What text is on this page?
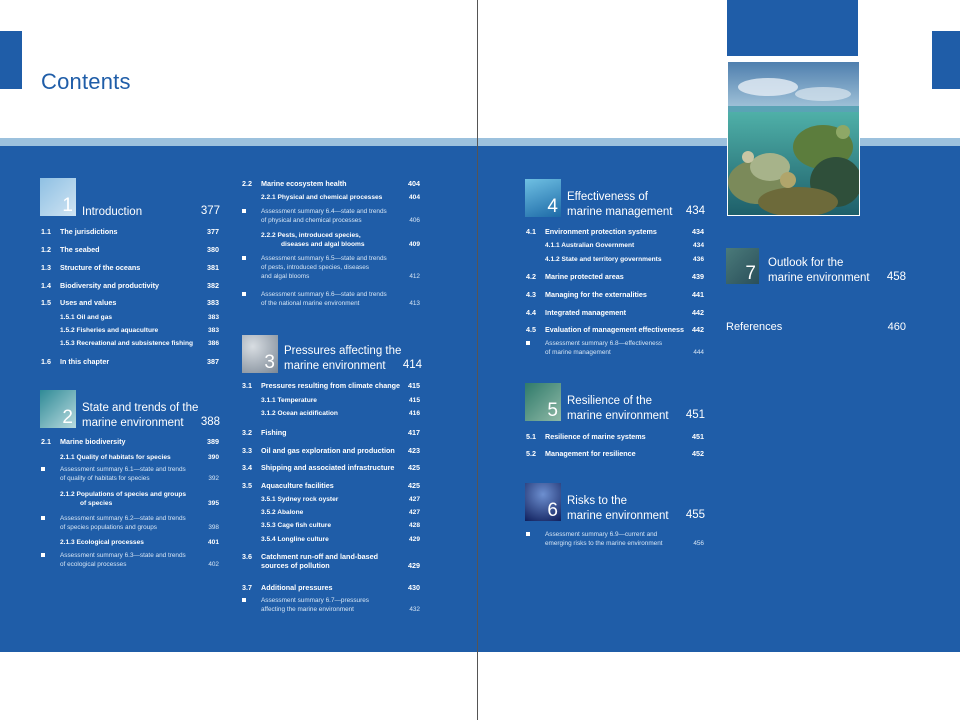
Contents
1 Introduction	377
1.1 The jurisdictions	377
1.2 The seabed	380
1.3 Structure of the oceans	381
1.4 Biodiversity and productivity	382
1.5 Uses and values	383
1.5.1 Oil and gas	383
1.5.2 Fisheries and aquaculture	383
1.5.3 Recreational and subsistence fishing 386
1.6 In this chapter	387
2 State and trends of the
marine environment	388
2.1 Marine biodiversity	389
2.1.1 Quality of habitats for species	390
Assessment summary 6.1—state and trends
of quality of habitats for species	392
2.1.2 Populations of species and groups
of species	395
Assessment summary 6.2—state and trends
of species populations and groups	398
2.1.3 Ecological processes	401
Assessment summary 6.3—state and trends
of ecological processes	402
2.2 Marine ecosystem health	404
2.2.1 Physical and chemical processes	404
Assessment summary 6.4—state and trends
of physical and chemical processes	406
2.2.2 Pests, introduced species,
diseases and algal blooms	409
Assessment summary 6.5—state and trends
of pests, introduced species, diseases
and algal blooms	412
Assessment summary 6.6—state and trends
of the national marine environment	413
3
Pressures affecting the
marine environment	414
3.1 Pressures resulting from climate change 415
3.1.1 Temperature	415
3.1.2 Ocean acidification	416
3.2 Fishing	417
3.3 Oil and gas exploration and production 423
3.4 Shipping and associated infrastructure 425
3.5 Aquaculture facilities	425
3.5.1 Sydney rock oyster	427
3.5.2 Abalone	427
3.5.3 Cage fish culture	428
3.5.4 Longline culture	429
3.6 Catchment run-off and land-based
sources of pollution	429
3.7 Additional pressures	430
Assessment summary 6.7—pressures
affecting the marine environment	432
4 Effectiveness of
marine management 434
4.1 Environment protection systems	434
4.1.1 Australian Government	434
4.1.2 State and territory governments	436
4.2 Marine protected areas	439
4.3 Managing for the externalities	441
4.4 Integrated management	442
4.5 Evaluation of management effectiveness 442
Assessment summary 6.8—effectiveness
of marine management	444
5 Resilience of the
marine environment 451
5.1 Resilience of marine systems	451
5.2 Management for resilience	452
6 Risks to the
marine environment 455
Assessment summary 6.9—current and
emerging risks to the marine environment	456
7 Outlook for the
marine environment 458
References	460
